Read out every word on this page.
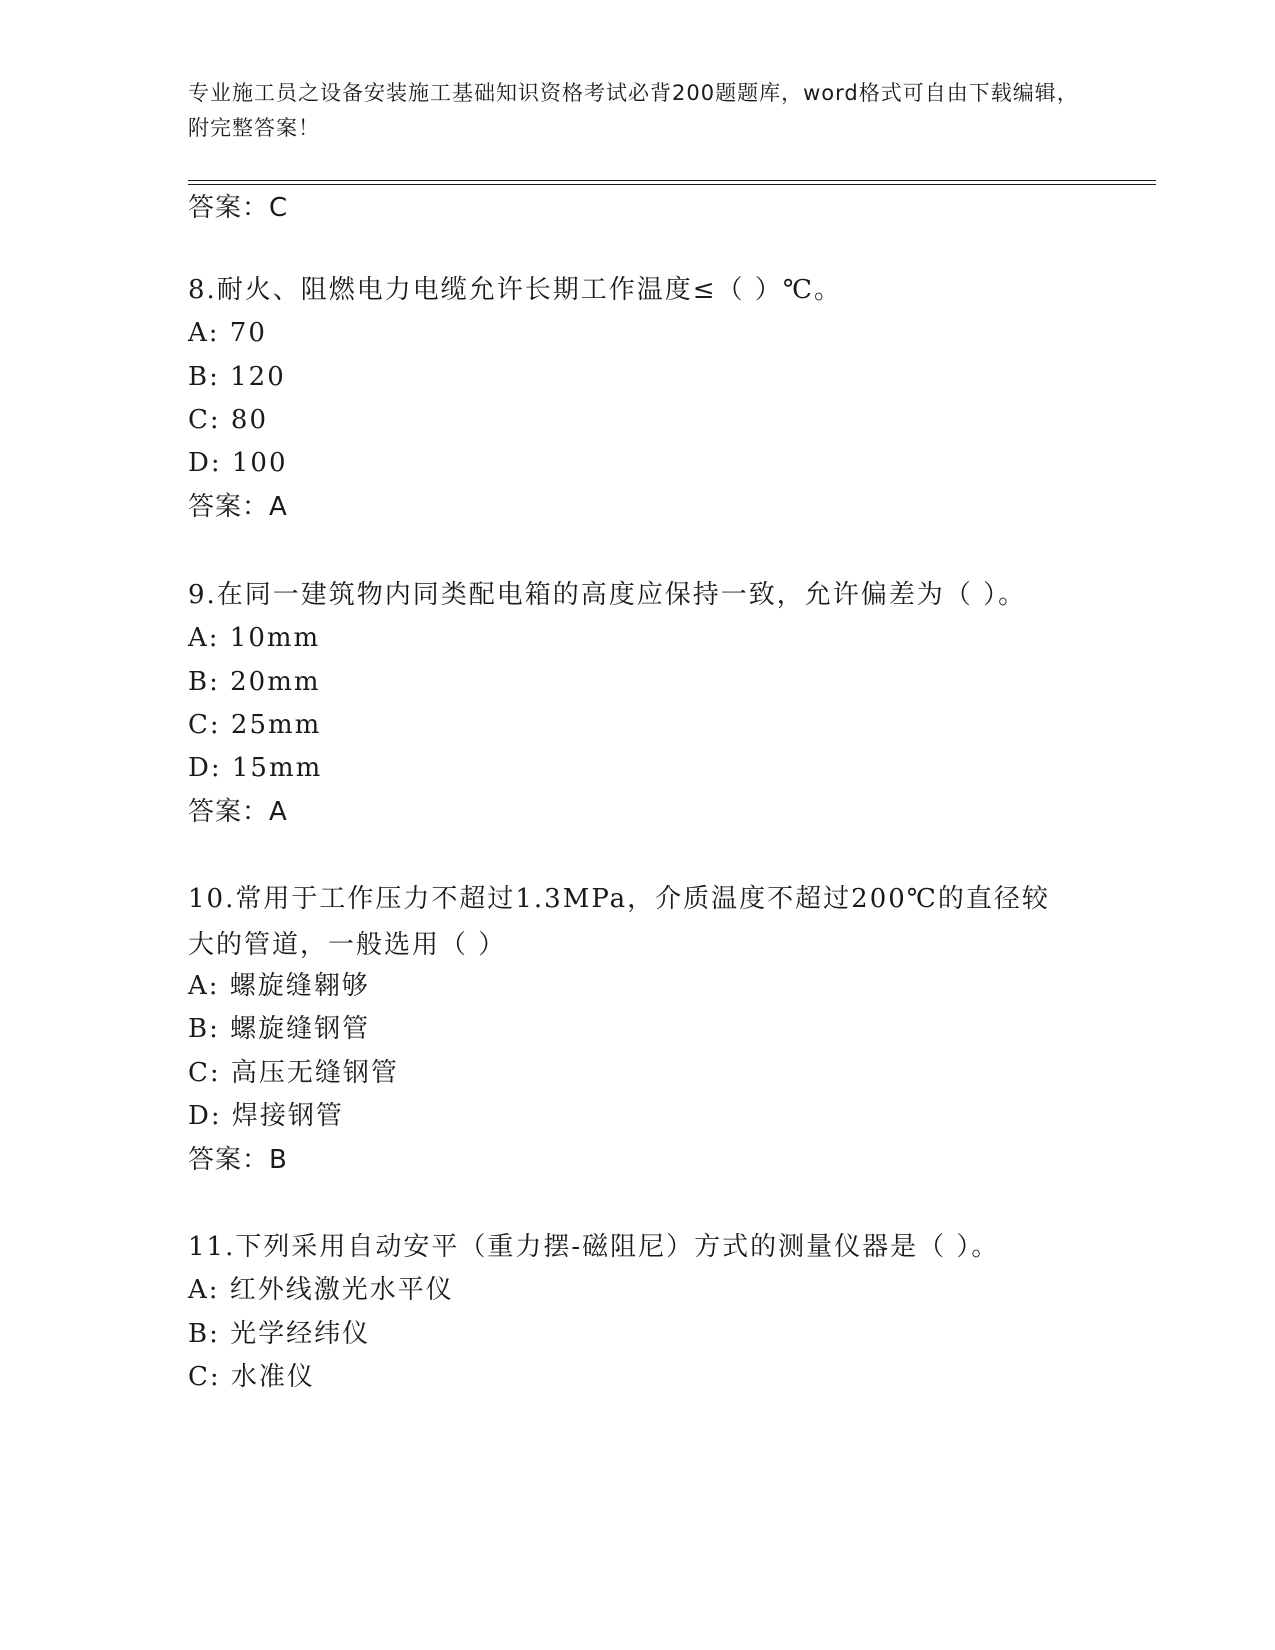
专业施工员之设备安装施工基础知识资格考试必背200题题库，word格式可自由下载编辑，附完整答案！
答案：C
8.耐火、阻燃电力电缆允许长期工作温度≤（ ）℃。
A: 70
B: 120
C: 80
D: 100
答案：A
9.在同一建筑物内同类配电箱的高度应保持一致，允许偏差为（ ）。
A: 10mm
B: 20mm
C: 25mm
D: 15mm
答案：A
10.常用于工作压力不超过1.3MPa，介质温度不超过200℃的直径较大的管道，一般选用（ ）
A: 螺旋缝翱够
B: 螺旋缝钢管
C: 高压无缝钢管
D: 焊接钢管
答案：B
11.下列采用自动安平（重力摆-磁阻尼）方式的测量仪器是（ ）。
A: 红外线激光水平仪
B: 光学经纬仪
C: 水准仪
